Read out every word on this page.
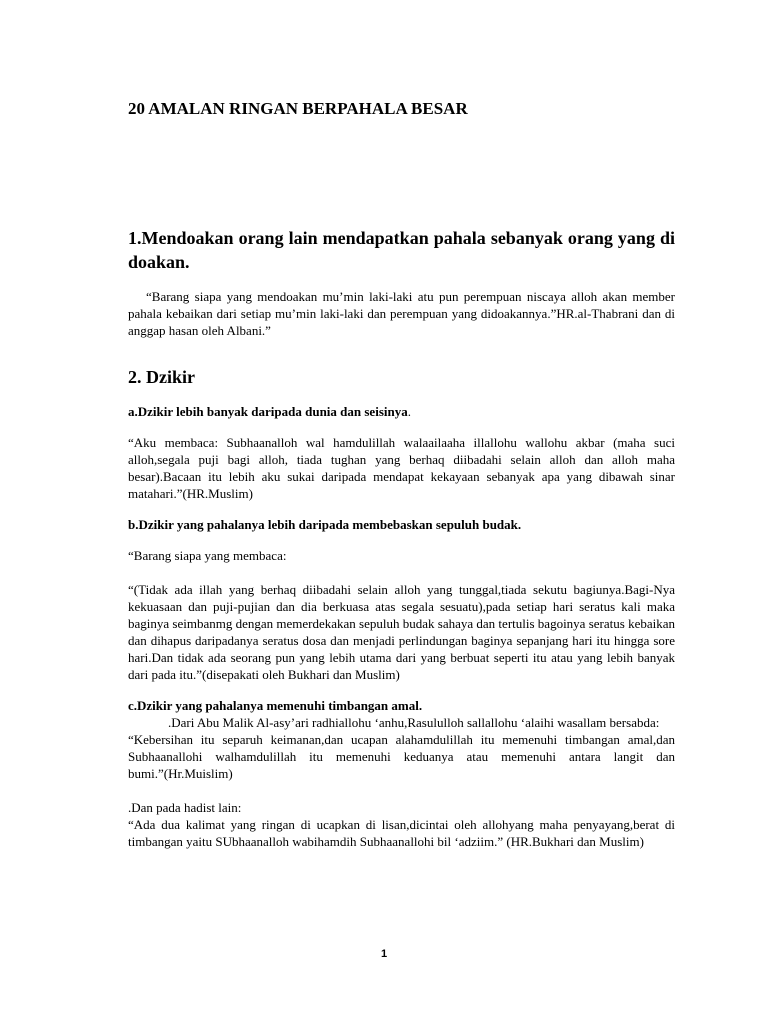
20 AMALAN RINGAN BERPAHALA BESAR

1.Mendoakan orang lain mendapatkan pahala sebanyak orang yang di doakan.

“Barang siapa yang mendoakan mu’min laki-laki atu pun perempuan niscaya alloh akan member pahala kebaikan dari setiap mu’min laki-laki dan perempuan yang didoakannya.”HR.al-Thabrani dan di anggap hasan oleh Albani.”

2. Dzikir

a.Dzikir lebih banyak daripada dunia dan seisinya.

“Aku membaca: Subhaanalloh wal hamdulillah walaailaaha illallohu wallohu akbar (maha suci alloh,segala puji bagi alloh, tiada tughan yang berhaq diibadahi selain alloh dan alloh maha besar).Bacaan itu lebih aku sukai daripada mendapat kekayaan sebanyak apa yang dibawah sinar matahari.”(HR.Muslim)

b.Dzikir yang pahalanya lebih daripada membebaskan sepuluh budak.

“Barang siapa yang membaca:

“(Tidak ada illah yang berhaq diibadahi selain alloh yang tunggal,tiada sekutu bagiunya.Bagi-Nya kekuasaan dan puji-pujian dan dia berkuasa atas segala sesuatu),pada setiap hari seratus kali maka baginya seimbanmg dengan memerdekakan sepuluh budak sahaya dan tertulis bagoinya seratus kebaikan dan dihapus daripadanya seratus dosa dan menjadi perlindungan baginya sepanjang hari itu hingga sore hari.Dan tidak ada seorang pun yang lebih utama dari yang berbuat seperti itu atau yang lebih banyak dari pada itu.”(disepakati oleh Bukhari dan Muslim)

c.Dzikir yang pahalanya memenuhi timbangan amal.

.Dari Abu Malik Al-asy’ari radhiallohu ‘anhu,Rasululloh sallallohu ‘alaihi wasallam bersabda:

“Kebersihan itu separuh keimanan,dan ucapan alahamdulillah itu memenuhi timbangan amal,dan Subhaanallohi walhamdulillah itu memenuhi keduanya atau memenuhi antara langit dan bumi.”(Hr.Muislim)

.Dan pada hadist lain:

“Ada dua kalimat yang ringan di ucapkan di lisan,dicintai oleh allohyang maha penyayang,berat di timbangan yaitu SUbhaanalloh wabihamdih Subhaanallohi bil ‘adziim.” (HR.Bukhari dan Muslim)

1
